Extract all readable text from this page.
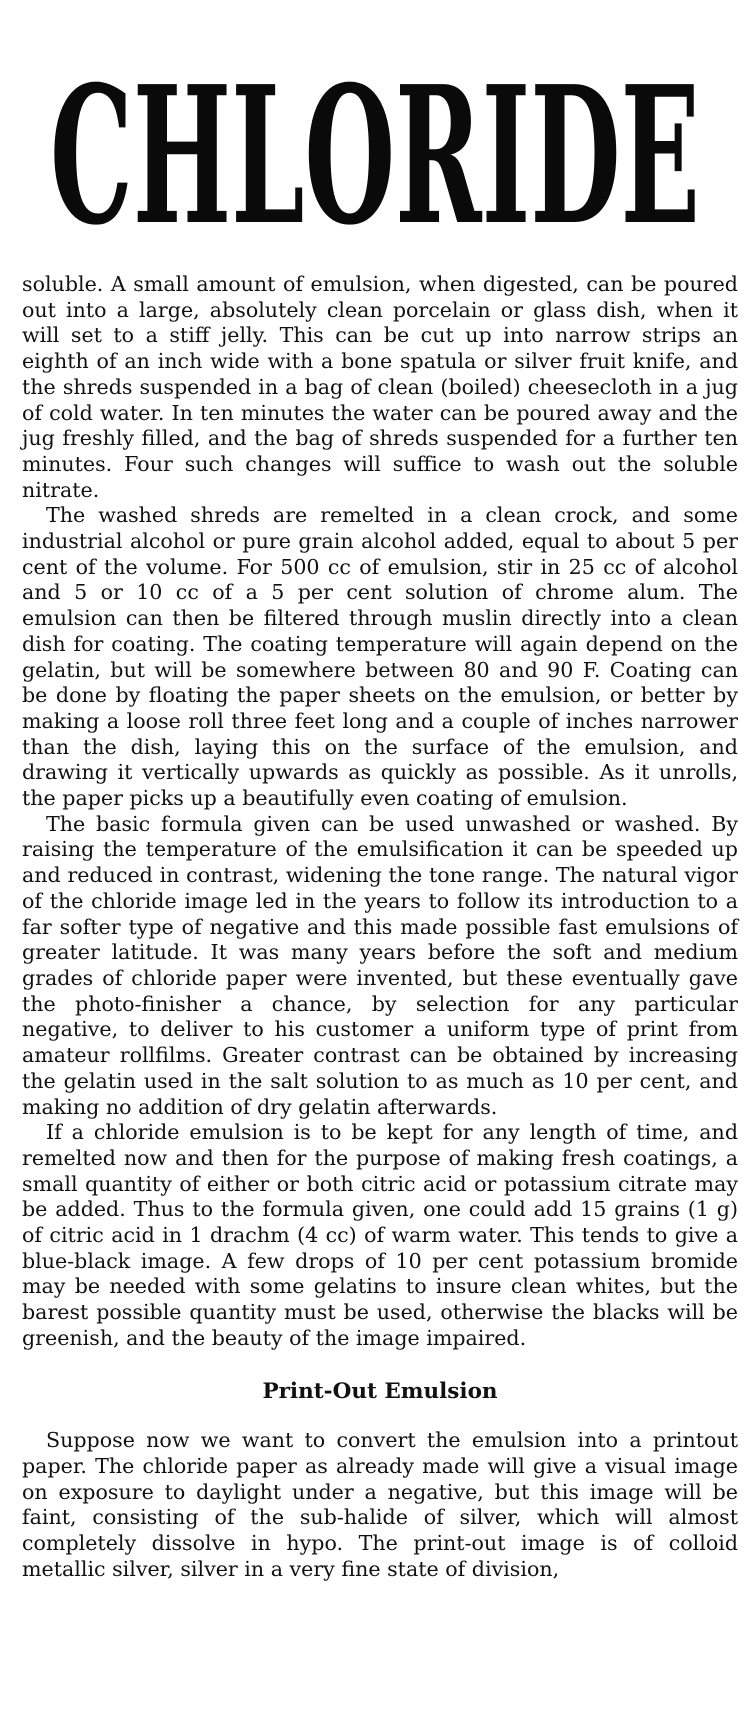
CHLORIDE

soluble. A small amount of emulsion, when digested, can be poured out into a large, absolutely clean porcelain or glass dish, when it will set to a stiff jelly. This can be cut up into narrow strips an eighth of an inch wide with a bone spatula or silver fruit knife, and the shreds suspended in a bag of clean (boiled) cheesecloth in a jug of cold water. In ten minutes the water can be poured away and the jug freshly filled, and the bag of shreds suspended for a further ten minutes. Four such changes will suffice to wash out the soluble nitrate.

The washed shreds are remelted in a clean crock, and some industrial alcohol or pure grain alcohol added, equal to about 5 per cent of the volume. For 500 cc of emulsion, stir in 25 cc of alcohol and 5 or 10 cc of a 5 per cent solution of chrome alum. The emulsion can then be filtered through muslin directly into a clean dish for coating. The coating temperature will again depend on the gelatin, but will be somewhere between 80 and 90 F. Coating can be done by floating the paper sheets on the emulsion, or better by making a loose roll three feet long and a couple of inches narrower than the dish, laying this on the surface of the emulsion, and drawing it vertically upwards as quickly as possible. As it unrolls, the paper picks up a beautifully even coating of emulsion.

The basic formula given can be used unwashed or washed. By raising the temperature of the emulsification it can be speeded up and reduced in contrast, widening the tone range. The natural vigor of the chloride image led in the years to follow its introduction to a far softer type of negative and this made possible fast emulsions of greater latitude. It was many years before the soft and medium grades of chloride paper were invented, but these eventually gave the photo-finisher a chance, by selection for any particular negative, to deliver to his customer a uniform type of print from amateur rollfilms. Greater contrast can be obtained by increasing the gelatin used in the salt solution to as much as 10 per cent, and making no addition of dry gelatin afterwards.

If a chloride emulsion is to be kept for any length of time, and remelted now and then for the purpose of making fresh coatings, a small quantity of either or both citric acid or potassium citrate may be added. Thus to the formula given, one could add 15 grains (1 g) of citric acid in 1 drachm (4 cc) of warm water. This tends to give a blue-black image. A few drops of 10 per cent potassium bromide may be needed with some gelatins to insure clean whites, but the barest possible quantity must be used, otherwise the blacks will be greenish, and the beauty of the image impaired.

Print-Out Emulsion

Suppose now we want to convert the emulsion into a printout paper. The chloride paper as already made will give a visual image on exposure to daylight under a negative, but this image will be faint, consisting of the sub-halide of silver, which will almost completely dissolve in hypo. The print-out image is of colloid metallic silver, silver in a very fine state of division,
